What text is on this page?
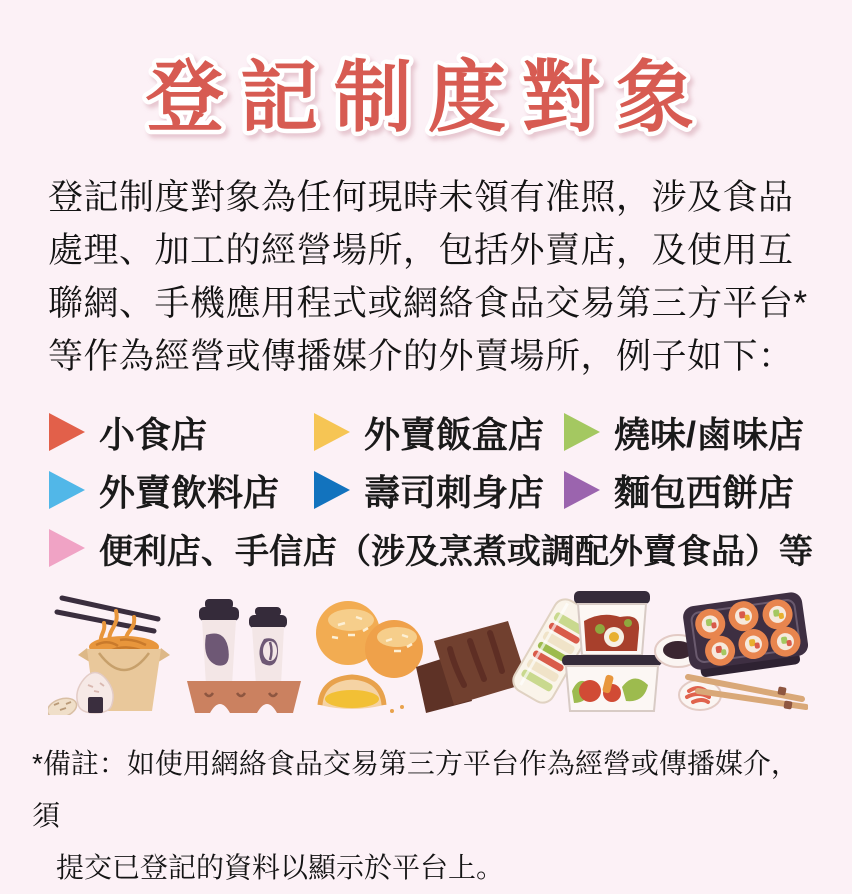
登記制度對象
登記制度對象為任何現時未領有准照，涉及食品
處理、加工的經營場所，包括外賣店，及使用互
聯網、手機應用程式或網絡食品交易第三方平台*
等作為經營或傳播媒介的外賣場所，例子如下：
小食店	外賣飯盒店 燒味/鹵味店
外賣飲料店 壽司刺身店 麵包西餅店
便利店、手信店（涉及烹煮或調配外賣食品）等
*備註：如使用網絡食品交易第三方平台作為經營或傳播媒介，須
提交已登記的資料以顯示於平台上。
